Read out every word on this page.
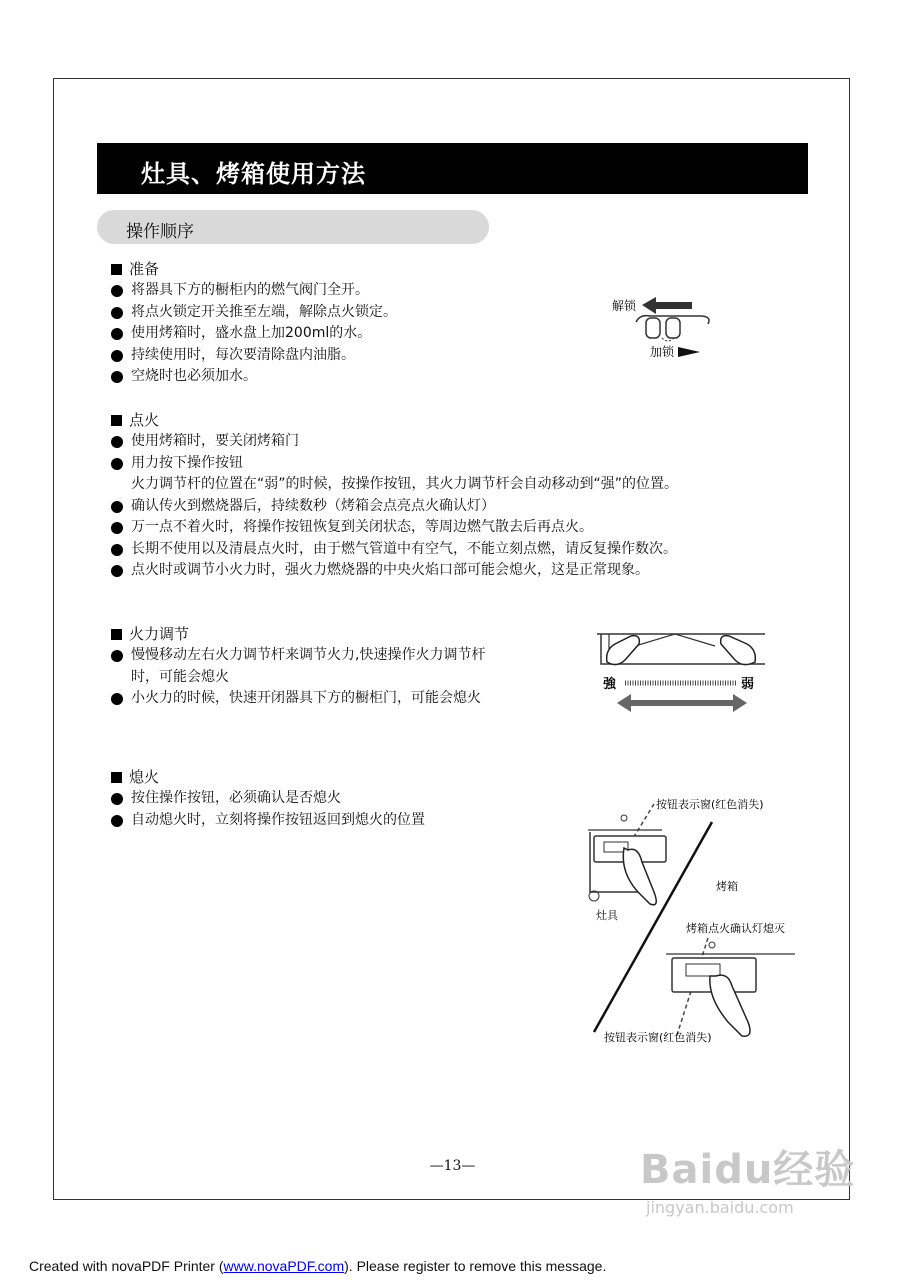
灶具、烤箱使用方法
操作顺序
准备
将器具下方的橱柜内的燃气阀门全开。
将点火锁定开关推至左端，解除点火锁定。
使用烤箱时，盛水盘上加200ml的水。
持续使用时，每次要清除盘内油脂。
空烧时也必须加水。
解锁
加锁
点火
使用烤箱时，要关闭烤箱门
用力按下操作按钮
火力调节杆的位置在“弱”的时候，按操作按钮，其火力调节杆会自动移动到“强”的位置。
确认传火到燃烧器后，持续数秒（烤箱会点亮点火确认灯）
万一点不着火时，将操作按钮恢复到关闭状态，等周边燃气散去后再点火。
长期不使用以及清晨点火时，由于燃气管道中有空气，不能立刻点燃，请反复操作数次。
点火时或调节小火力时，强火力燃烧器的中央火焰口部可能会熄火，这是正常现象。
火力调节
慢慢移动左右火力调节杆来调节火力,快速操作火力调节杆
时，可能会熄火
小火力的时候，快速开闭器具下方的橱柜门，可能会熄火
強	弱
熄火
按住操作按钮，必须确认是否熄火
自动熄火时，立刻将操作按钮返回到熄火的位置
按钮表示窗(红色消失)
灶具
烤箱
烤箱点火确认灯熄灭
按钮表示窗(红色消失)
—13—	Baidu经验
jingyan.baidu.com
Created with novaPDF Printer (www.novaPDF.com). Please register to remove this message.
